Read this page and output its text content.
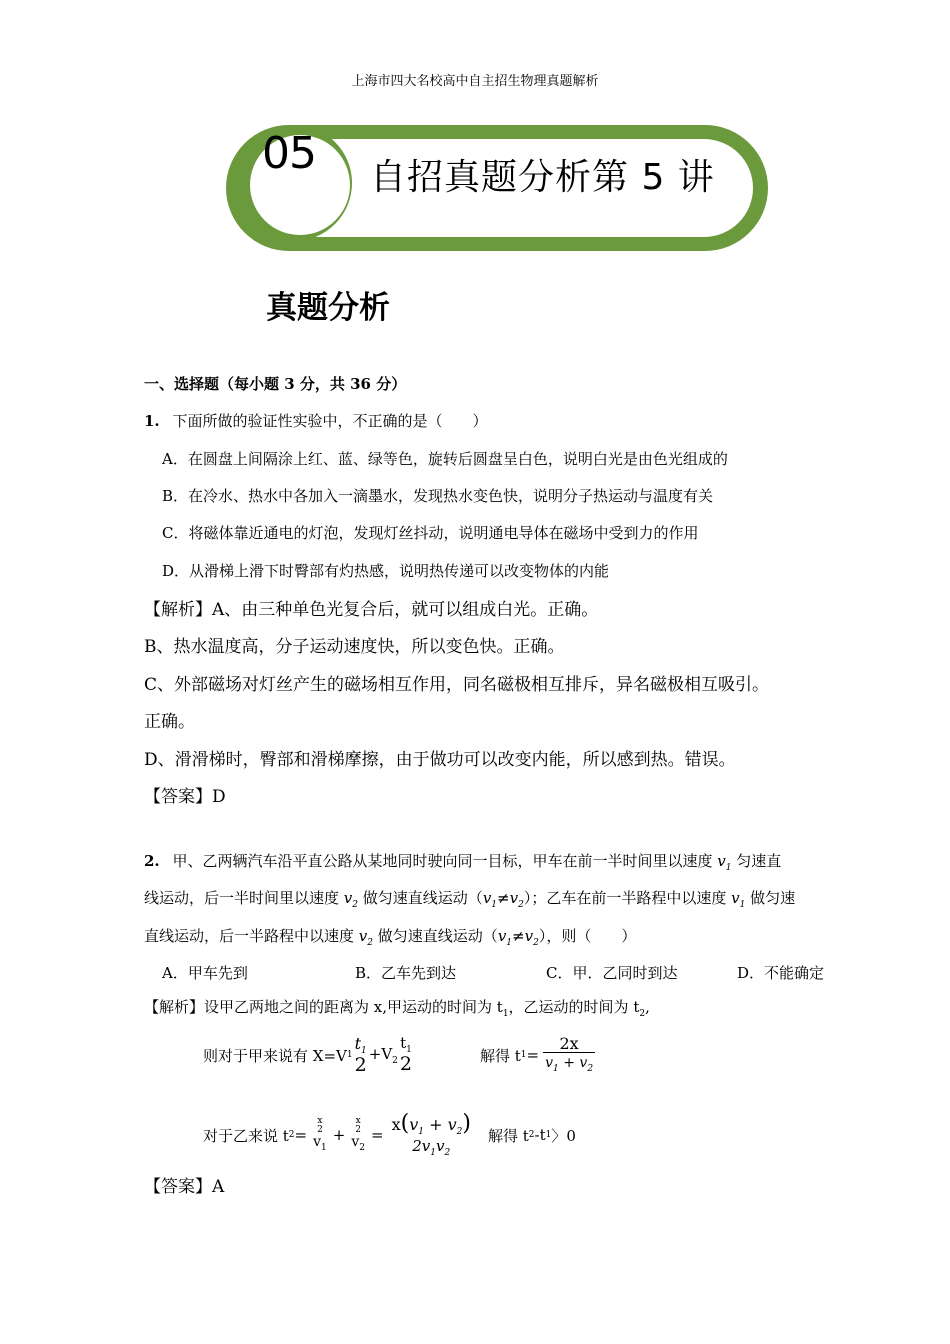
上海市四大名校高中自主招生物理真题解析
05 自招真题分析第 5 讲
真题分析
一、选择题（每小题 3 分，共 36 分）
1. 下面所做的验证性实验中，不正确的是（　　）
A．在圆盘上间隔涂上红、蓝、绿等色，旋转后圆盘呈白色，说明白光是由色光组成的
B．在冷水、热水中各加入一滴墨水，发现热水变色快，说明分子热运动与温度有关
C．将磁体靠近通电的灯泡，发现灯丝抖动，说明通电导体在磁场中受到力的作用
D．从滑梯上滑下时臀部有灼热感，说明热传递可以改变物体的内能
【解析】A、由三种单色光复合后，就可以组成白光。正确。
B、热水温度高，分子运动速度快，所以变色快。正确。
C、外部磁场对灯丝产生的磁场相互作用，同名磁极相互排斥，异名磁极相互吸引。
正确。
D、滑滑梯时，臀部和滑梯摩擦，由于做功可以改变内能，所以感到热。错误。
【答案】D
2. 甲、乙两辆汽车沿平直公路从某地同时驶向同一目标，甲车在前一半时间里以速度 $v_1$ 匀速直
线运动，后一半时间里以速度 $v_2$ 做匀速直线运动$(v_1\ne v_2)$；乙车在前一半路程中以速度 $v_1$ 做匀速
直线运动，后一半路程中以速度 $v_2$ 做匀速直线运动$(v_1\ne v_2)$，则（　　）
A．甲车先到	B．乙车先到达	C．甲．乙同时到达	D．不能确定
【解析】设甲乙两地之间的距离为 x,甲运动的时间为 $t_1$，乙运动的时间为 $t_2$,
则对于甲来说有 X=V 1
$t_1$
$2 +V_2$
$t_1$
2	解得 t $1 = \frac{2x}{v_1 + v_2}$
对于乙来说 t 2 =
x
2
$v_1$
+
x
2
$v_2$
=
$x(v_1 + v_2)$
$2v_1v_2$
解得 t 2 -t 1 〉0
【答案】A
